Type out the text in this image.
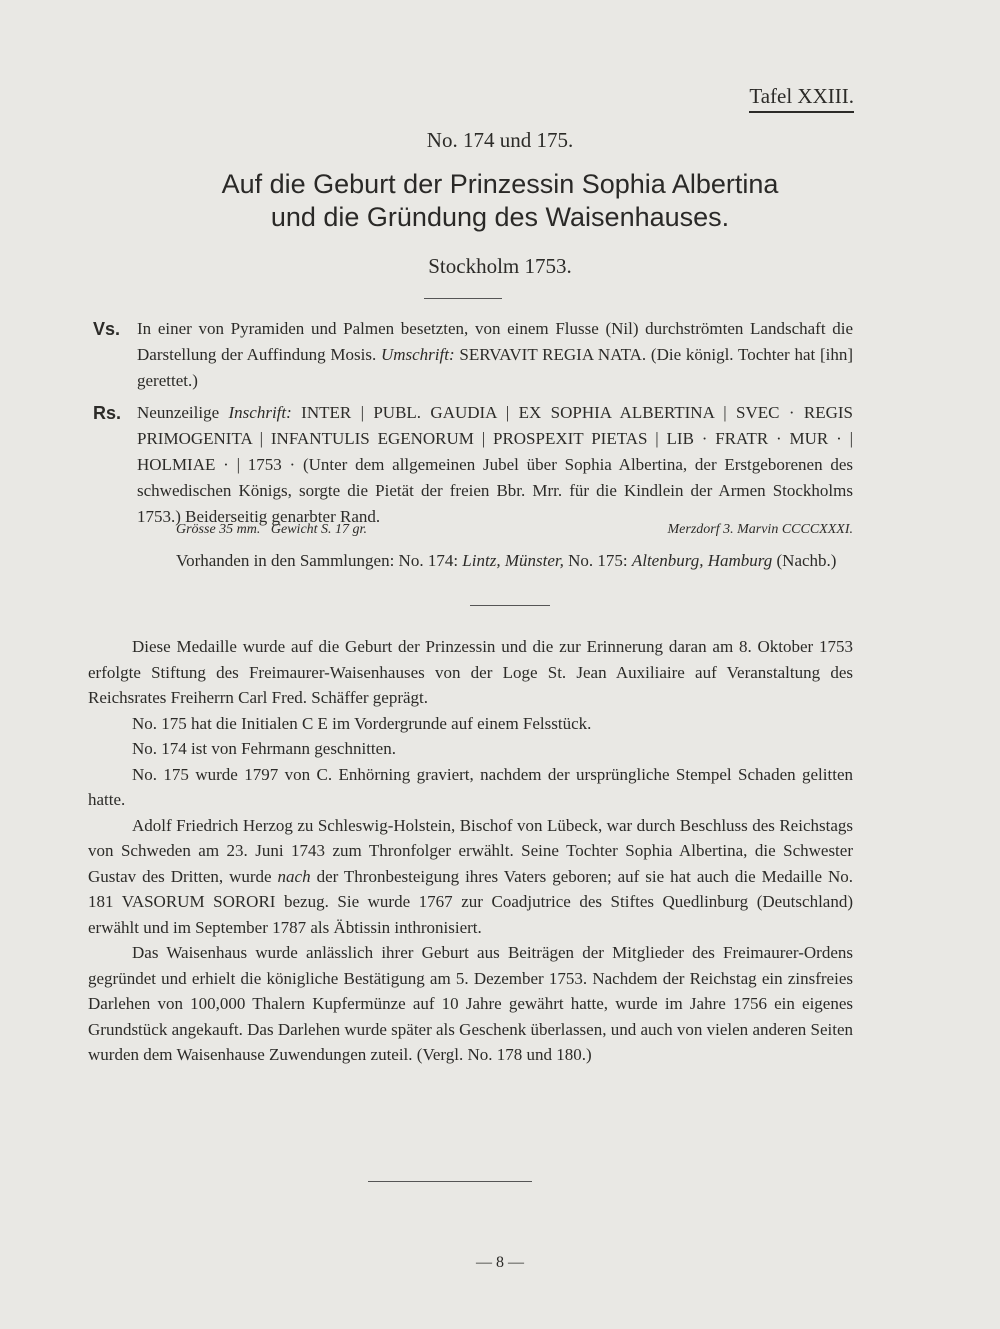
Tafel XXIII.
No. 174 und 175.
Auf die Geburt der Prinzessin Sophia Albertina
und die Gründung des Waisenhauses.
Stockholm 1753.
Vs. In einer von Pyramiden und Palmen besetzten, von einem Flusse (Nil) durchströmten Landschaft die Darstellung der Auffindung Mosis. Umschrift: SERVAVIT REGIA NATA. (Die königl. Tochter hat [ihn] gerettet.)
Rs. Neunzeilige Inschrift: INTER | PUBL. GAUDIA | EX SOPHIA ALBERTINA | SVEC · REGIS PRIMOGENITA | INFANTULIS EGENORUM | PROSPEXIT PIETAS | LIB · FRATR · MUR · | HOLMIAE · | 1753 · (Unter dem allgemeinen Jubel über Sophia Albertina, der Erstgeborenen des schwedischen Königs, sorgte die Pietät der freien Bbr. Mrr. für die Kindlein der Armen Stockholms 1753.) Beiderseitig genarbter Rand.
Grösse 35 mm. Gewicht S. 17 gr.	Merzdorf 3. Marvin CCCCXXXI.
Vorhanden in den Sammlungen: No. 174: Lintz, Münster, No. 175: Altenburg, Hamburg (Nachb.)

Diese Medaille wurde auf die Geburt der Prinzessin und die zur Erinnerung daran am 8. Oktober 1753 erfolgte Stiftung des Freimaurer-Waisenhauses von der Loge St. Jean Auxiliaire auf Veranstaltung des Reichsrates Freiherrn Carl Fred. Schäffer geprägt.

No. 175 hat die Initialen C E im Vordergrunde auf einem Felsstück.

No. 174 ist von Fehrmann geschnitten.

No. 175 wurde 1797 von C. Enhörning graviert, nachdem der ursprüngliche Stempel Schaden gelitten hatte.

Adolf Friedrich Herzog zu Schleswig-Holstein, Bischof von Lübeck, war durch Beschluss des Reichstags von Schweden am 23. Juni 1743 zum Thronfolger erwählt. Seine Tochter Sophia Albertina, die Schwester Gustav des Dritten, wurde nach der Thronbesteigung ihres Vaters geboren; auf sie hat auch die Medaille No. 181 VASORUM SORORI bezug. Sie wurde 1767 zur Coadjutrice des Stiftes Quedlinburg (Deutschland) erwählt und im September 1787 als Äbtissin inthronisiert.

Das Waisenhaus wurde anlässlich ihrer Geburt aus Beiträgen der Mitglieder des Freimaurer-Ordens gegründet und erhielt die königliche Bestätigung am 5. Dezember 1753. Nachdem der Reichstag ein zinsfreies Darlehen von 100,000 Thalern Kupfermünze auf 10 Jahre gewährt hatte, wurde im Jahre 1756 ein eigenes Grundstück angekauft. Das Darlehen wurde später als Geschenk überlassen, und auch von vielen anderen Seiten wurden dem Waisenhause Zuwendungen zuteil. (Vergl. No. 178 und 180.)

— 8 —
